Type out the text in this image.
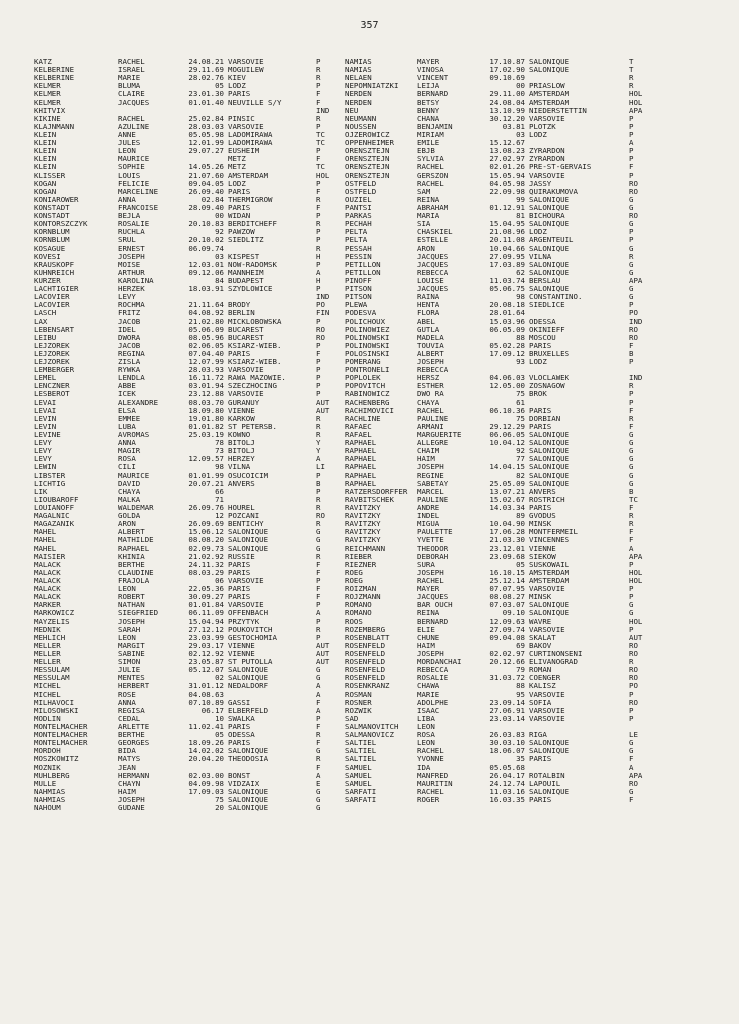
357
KATZ	RACHEL	24.08.21 VARSOVIE	P
KELBERINE	ISRAEL	29.11.69 MOGUILEW	R
KELBERINE	MARIE	28.02.76 KIEV	R
KELMER	BLUMA	05 LODZ	P
KELMER	CLAIRE	23.01.30 PARIS	F
KELMER	JACQUES	01.01.40 NEUVILLE S/Y	F
KHITVIX	IND
KIKINE	RACHEL	25.02.84 PINSIC	R
KLAJNMANN	AZULINE	28.03.03 VARSOVIE	P
KLEIN	ANNE	05.05.98 LADOMIRAWA	TC
KLEIN	JULES	12.01.99 LADOMIRAWA	TC
KLEIN	LEON	29.07.27 EUSHEIM	P
KLEIN	MAURICE	METZ	F
KLEIN	SOPHIE	14.05.26 METZ	TC
KLISSER	LOUIS	21.07.60 AMSTERDAM	HOL
KOGAN	FELICIE	09.04.05 LODZ	P
KOGAN	MARCELINE	26.09.40 PARIS	F
KONIAROWER	ANNA	02.84 THERMIGROW	R
KONSTADT	FRANCOISE	28.09.40 PARIS	F
KONSTADT	BEJLA	00 WIDAN	P
KONTORSZCZYK	ROSALIE	20.10.83 BERDITCHEFF	R
KORNBLUM	RUCHLA	92 PAWZOW	P
KORNBLUM	SRUL	20.10.02 SIEDLITZ	P
KOSAGUE	ERNEST	06.09.74	R
KOVESI	JOSEPH	03 KISPEST	H
KRAUSKOPF	MOISE	12.03.01 NOW-RADOMSK	P
KUHNREICH	ARTHUR	09.12.06 MANNHEIM	A
KURZER	KAROLINA	84 BUDAPEST	H
LACHTIGIER	HERZEK	18.03.91 SZYDLOWICE	P
LACOVIER	LEVY	IND
LACOVIER	ROCHMA	21.11.64 BRODY	PO
LASCH	FRITZ	04.08.92 BERLIN	FIN
LAX	JACOB	21.02.80 MICKLOBOWSKA	P
LEBENSART	IDEL	05.06.09 BUCAREST	RO
LEIBU	DWORA	08.05.96 BUCAREST	RO
LEJZOREK	JACOB	02.06.05 KSIARZ-WIEB.	P
LEJZOREK	REGINA	07.04.40 PARIS	F
LEJZOREK	ZISLA	12.07.99 KSIARZ-WIEB.	P
LEMBERGER	RYWKA	28.03.93 VARSOVIE	P
LEMEL	LENDLA	16.11.72 RAWA MAZOWIE.	P
LENCZNER	ABBE	03.01.94 SZECZHOCING	P
LESBEROT	ICEK	23.12.88 VARSOVIE	P
LEVAI	ALEXANDRE	08.03.70 GURANUY	AUT
LEVAI	ELSA	18.09.80 VIENNE	AUT
LEVIN	EMMEE	19.01.80 KARKOW	R
LEVIN	LUBA	01.01.82 ST PETERSB.	R
LEVINE	AVROMAS	25.03.19 KOWNO	R
LEVY	ANNA	78 BITOLJ	Y
LEVY	MAGIR	73 BITOLJ	Y
LEVY	ROSA	12.09.57 HERZEY	A
LEWIN	CILI	98 VILNA	LI
LIBSTER	MAURICE	01.01.99 OSUCOICIM	P
LICHTIG	DAVID	20.07.21 ANVERS	B
LIK	CHAYA	66	P
LIOUBAROFF	MALKA	71	R
LOUIANOFF	WALDEMAR	26.09.76 HOUREL	R
MAGALNIC	GOLDA	12 POZCANI	RO
MAGAZANIK	ARON	26.09.69 BENTICHY	R
MAHEL	ALBERT	15.06.12 SALONIQUE	G
MAHEL	MATHILDE	08.08.20 SALONIQUE	G
MAHEL	RAPHAEL	02.09.73 SALONIQUE	G
MAISIER	KHINIA	21.02.92 RUSSIE	R
MALACK	BERTHE	24.11.32 PARIS	F
MALACK	CLAUDINE	08.03.29 PARIS	F
MALACK	FRAJOLA	06 VARSOVIE	P
MALACK	LEON	22.05.36 PARIS	F
MALACK	ROBERT	30.09.27 PARIS	F
MARKER	NATHAN	01.01.84 VARSOVIE	P
MARKOWICZ	SIEGFRIED	06.11.09 OFFENBACH	A
MAYZELIS	JOSEPH	15.04.94 PRZYTYK	P
MEDNIK	SARAH	27.12.12 POUKOVITCH	R
MEHLICH	LEON	23.03.99 GESTOCHOMIA	P
MELLER	MARGIT	29.03.17 VIENNE	AUT
MELLER	SABINE	02.12.92 VIENNE	AUT
MELLER	SIMON	23.05.87 ST PUTOLLA	AUT
MESSULAM	JULIE	05.12.07 SALONIQUE	G
MESSULAM	MENTES	02 SALONIQUE	G
MICHEL	HERBERT	31.01.12 NEDALDORF	A
MICHEL	ROSE	04.08.63	A
MILHAVOCI	ANNA	07.10.89 GASSI	F
MILOSOWSKI	REGISA	06.17 ELBERFELD	A
MODLIN	CEDAL	10 SWALKA	P
MONTELMACHER	ARLETTE	11.02.41 PARIS	F
MONTELMACHER	BERTHE	05 ODESSA	R
MONTELMACHER	GEORGES	18.09.26 PARIS	F
MORDOH	BIDA	14.02.02 SALONIQUE	G
MOSZKOWITZ	MATYS	20.04.20 THEODOSIA	R
MOZNIK	JEAN	F
MUHLBERG	HERMANN	02.03.00 BONST	A
MULLE	CHAYN	04.09.98 VIDZAIX	E
NAHMIAS	HAIM	17.09.03 SALONIQUE	G
NAHMIAS	JOSEPH	75 SALONIQUE	G
NAHOUM	GUDANE	20 SALONIQUE	G
NAMIAS	MAYER	17.10.87 SALONIQUE	T
NAMIAS	VINOSA	17.02.90 SALONIQUE	T
NELAEN	VINCENT	09.10.69	R
NEPOMNIATZKI	LEIJA	00 PRIASLOW	R
NERDEN	BERNARD	29.11.00 AMSTERDAM	HOL
NERDEN	BETSY	24.08.04 AMSTERDAM	HOL
NEU	BENNY	13.10.99 NIEDERSTETTIN	APA
NEUMANN	CHANA	30.12.20 VARSOVIE	P
NOUSSEN	BENJAMIN	03.81 PLOTZK	P
OJZEROWICZ	MIRIAM	03 LODZ	P
OPPENHEIMER	EMILE	15.12.67	A
ORENSZTEJN	EBJB	13.08.23 ZYRARDON	P
ORENSZTEJN	SYLVIA	27.02.97 ZYRARDON	P
ORENSZTEJN	RACHEL	02.01.26 PRE-ST-GERVAIS	F
ORENSZTEJN	GERSZON	15.05.94 VARSOVIE	P
OSTFELD	RACHEL	04.05.98 JASSY	RO
OSTFELD	SAM	22.09.98 QUIRAKUMOVA	RO
OUZIEL	REINA	99 SALONIQUE	G
PANTSI	ABRAHAM	01.12.91 SALONIQUE	G
PARKAS	MARIA	81 BICHOURA	RO
PECHAH	SIA	15.04.95 SALONIQUE	G
PELTA	CHASKIEL	21.08.96 LODZ	P
PELTA	ESTELLE	20.11.08 ARGENTEUIL	P
PESSAH	ARON	10.04.66 SALONIQUE	G
PESSIN	JACQUES	27.09.95 VILNA	R
PETILLON	JACQUES	17.03.89 SALONIQUE	G
PETILLON	REBECCA	62 SALONIQUE	G
PINOFF	LOUISE	11.03.74 BERSLAU	APA
PITSON	JACQUES	05.06.75 SALONIQUE	G
PITSON	RAINA	98 CONSTANTINO.	G
PLEWA	HENTA	20.08.18 SIEDLICE	P
PODESVA	FLORA	28.01.64	PO
POLICHOUX	ABEL	15.03.96 ODESSA	IND
POLINOWIEZ	GUTLA	06.05.09 OKINIEFF	RO
POLINOWSKI	MADELA	88 MOSCOU	RO
POLINOWSKI	TOUVIA	05.02.28 PARIS	F
POLOSINSKI	ALBERT	17.09.12 BRUXELLES	B
POMERANG	JOSEPH	93 LODZ	P
PONTRONELI	REBECCA
POPLOLEK	HERSZ	04.06.03 VLOCLAWEK	IND
POPOVITCH	ESTHER	12.05.00 ZOSNAGOW	R
RABINOWICZ	DWO RA	75 BROK	P
RACHENBERG	CHAYA	61	P
RACHIMOVICI	RACHEL	06.10.36 PARIS	F
RACHLINE	PAULINE	75 DORBIAN	R
RAFAEC	ARMANI	29.12.29 PARIS	F
RAFAEL	MARGUERITE	06.06.05 SALONIQUE	G
RAPHAEL	ALLEGRE	10.04.12 SALONIQUE	G
RAPHAEL	CHAIM	92 SALONIQUE	G
RAPHAEL	HAIM	77 SALONIQUE	G
RAPHAEL	JOSEPH	14.04.15 SALONIQUE	G
RAPHAEL	REGINE	82 SALONIQUE	G
RAPHAEL	SABETAY	25.05.09 SALONIQUE	G
RATZERSDORFFER	MARCEL	13.07.21 ANVERS	B
RAVBITSCHEK	PAULINE	15.02.67 ROSTRICH	TC
RAVITZKY	ANDRE	14.03.34 PARIS	F
RAVITZKY	INDEL	89 GVODUS	R
RAVITZKY	MIGUA	10.04.90 MINSK	R
RAVITZKY	PAULETTE	17.06.28 MONTFERMEIL	F
RAVITZKY	YVETTE	21.03.30 VINCENNES	F
REICHMANN	THEODOR	23.12.01 VIENNE	A
RIEBER	DEBORAH	23.09.68 SIEKOW	APA
RIEZNER	SURA	05 SUSKOWAIL	P
ROEG	JOSEPH	16.10.15 AMSTERDAM	HOL
ROEG	RACHEL	25.12.14 AMSTERDAM	HOL
ROIZMAN	MAYER	07.07.95 VARSOVIE	P
ROJZMANN	JACQUES	08.08.27 MINSK	P
ROMANO	BAR OUCH	07.03.07 SALONIQUE	G
ROMANO	REINA	09.10 SALONIQUE	G
ROOS	BERNARD	12.09.63 WAVRE	HOL
ROZEMBERG	ELIE	27.09.74 VARSOVIE	P
ROSENBLATT	CHUNE	09.04.08 SKALAT	AUT
ROSENFELD	HAIM	69 BAKOV	RO
ROSENFELD	JOSEPH	02.02.97 CURTINONSENI	RO
ROSENFELD	MORDANCHAI	20.12.66 ELIVANOGRAD	R
ROSENFELD	REBECCA	79 ROMAN	RO
ROSENFELD	ROSALIE	31.03.72 COENGER	RO
ROSENKRANZ	CHAWA	88 KALISZ	PO
ROSMAN	MARIE	95 VARSOVIE	P
ROSNER	ADOLPHE	23.09.14 SOFIA	RO
ROZWIK	ISAAC	27.06.91 VARSOVIE	P
SAD	LIBA	23.03.14 VARSOVIE	P
SALMANOVITCH	LEON
SALMANOVICZ	ROSA	26.03.83 RIGA	LE
SALTIEL	LEON	30.03.10 SALONIQUE	G
SALTIEL	RACHEL	18.06.07 SALONIQUE	G
SALTIEL	YVONNE	35 PARIS	F
SAMUEL	IDA	05.05.68	A
SAMUEL	MANFRED	26.04.17 ROTALBIN	APA
SAMUEL	MAURITIN	24.12.74 LAPOUIL	RO
SARFATI	RACHEL	11.03.16 SALONIQUE	G
SARFATI	ROGER	16.03.35 PARIS	F
